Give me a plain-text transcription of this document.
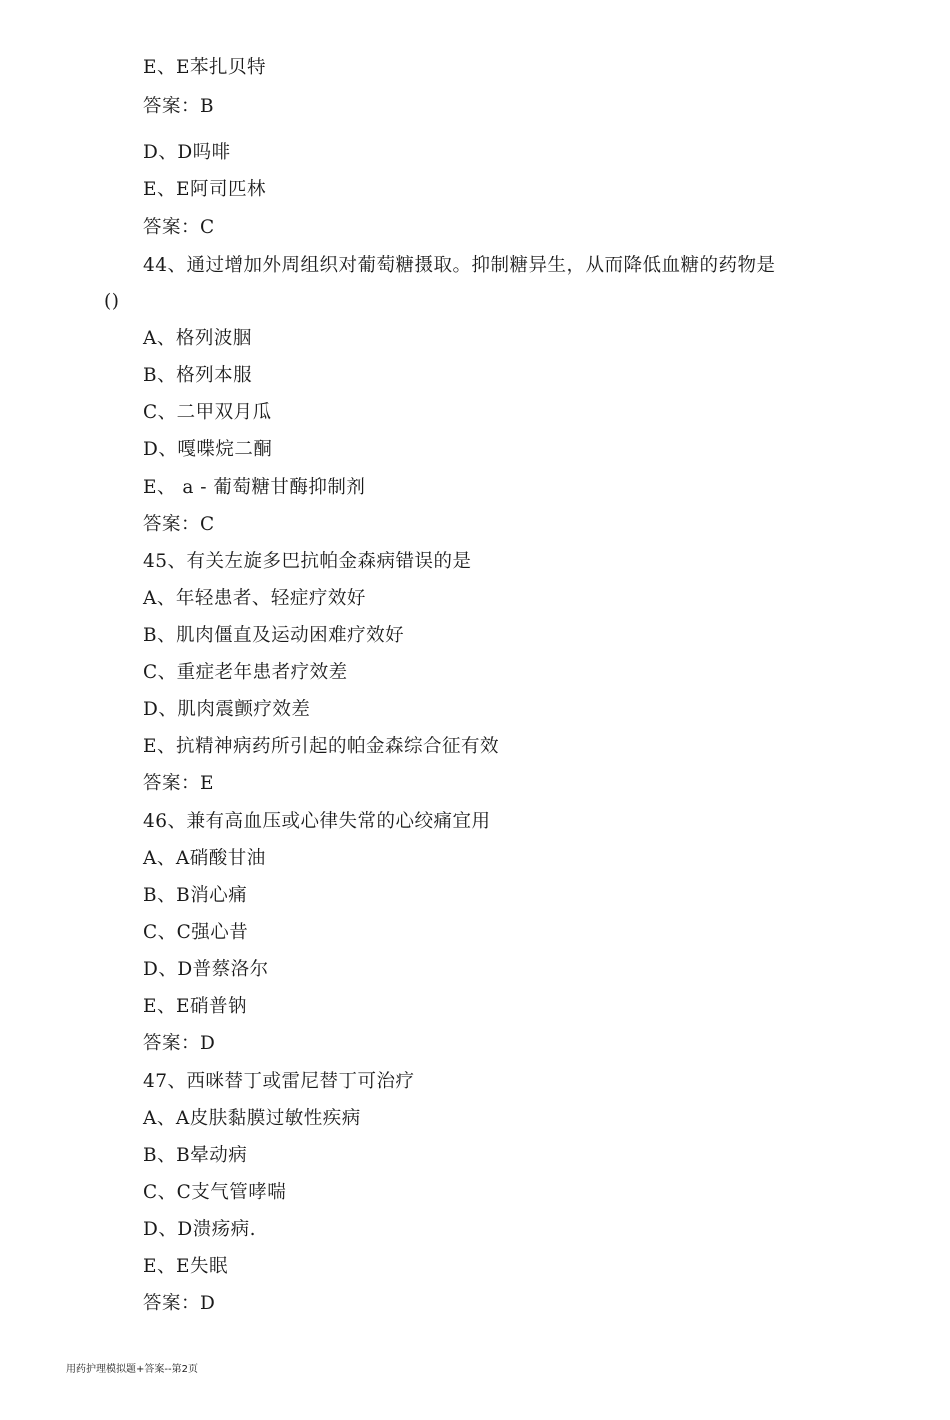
E、E苯扎贝特
答案：B
D、D吗啡
E、E阿司匹林
答案：C
44、通过增加外周组织对葡萄糖摄取。抑制糖异生，从而降低血糖的药物是
()
A、格列波胭
B、格列本服
C、二甲双月瓜
D、嘎喋烷二酮
E、 a - 葡萄糖甘酶抑制剂
答案：C
45、有关左旋多巴抗帕金森病错误的是
A、年轻患者、轻症疗效好
B、肌肉僵直及运动困难疗效好
C、重症老年患者疗效差
D、肌肉震颤疗效差
E、抗精神病药所引起的帕金森综合征有效
答案：E
46、兼有高血压或心律失常的心绞痛宜用
A、A硝酸甘油
B、B消心痛
C、C强心昔
D、D普蔡洛尔
E、E硝普钠
答案：D
47、西咪替丁或雷尼替丁可治疗
A、A皮肤黏膜过敏性疾病
B、B晕动病
C、C支气管哮喘
D、D溃疡病.
E、E失眠
答案：D
用药护理模拟题+答案--第2页
